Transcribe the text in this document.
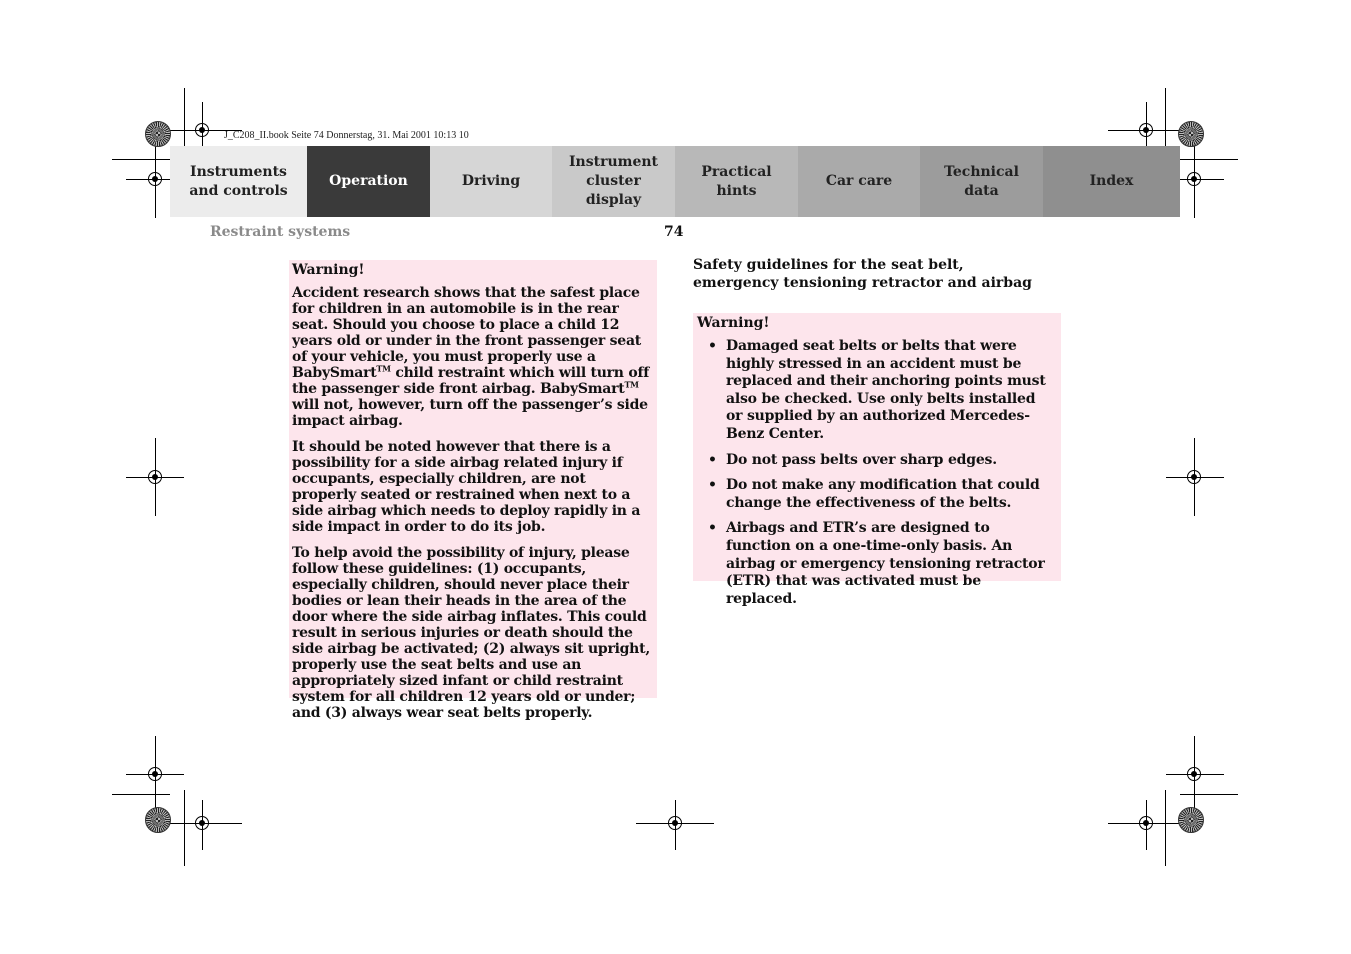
J_C208_II.book Seite 74 Donnerstag, 31. Mai 2001 10:13 10
Instruments
and controls
Operation	Driving
Instrument
cluster display
Practical hints
Car care
Technical
data
Index
Restraint systems	74
Warning!

Accident research shows that the safest place for children in an automobile is in the rear seat. Should you choose to place a child 12 years old or under in the front passenger seat of your vehicle, you must properly use a BabySmart™ child restraint which will turn off the passenger side front airbag. BabySmart™ will not, however, turn off the passenger’s side impact airbag.

It should be noted however that there is a possibility for a side airbag related injury if occupants, especially children, are not properly seated or restrained when next to a side airbag which needs to deploy rapidly in a side impact in order to do its job.

To help avoid the possibility of injury, please follow these guidelines: (1) occupants, especially children, should never place their bodies or lean their heads in the area of the door where the side airbag inflates. This could result in serious injuries or death should the side airbag be activated; (2) always sit upright, properly use the seat belts and use an appropriately sized infant or child restraint system for all children 12 years old or under; and (3) always wear seat belts properly.

Safety guidelines for the seat belt,
emergency tensioning retractor and airbag
Warning!
• Damaged seat belts or belts that were highly stressed in an accident must be replaced and their anchoring points must also be checked. Use only belts installed or supplied by an authorized Mercedes-Benz Center.
• Do not pass belts over sharp edges.
• Do not make any modification that could change the effectiveness of the belts.
• Airbags and ETR’s are designed to function on a one-time-only basis. An airbag or emergency tensioning retractor (ETR) that was activated must be replaced.
